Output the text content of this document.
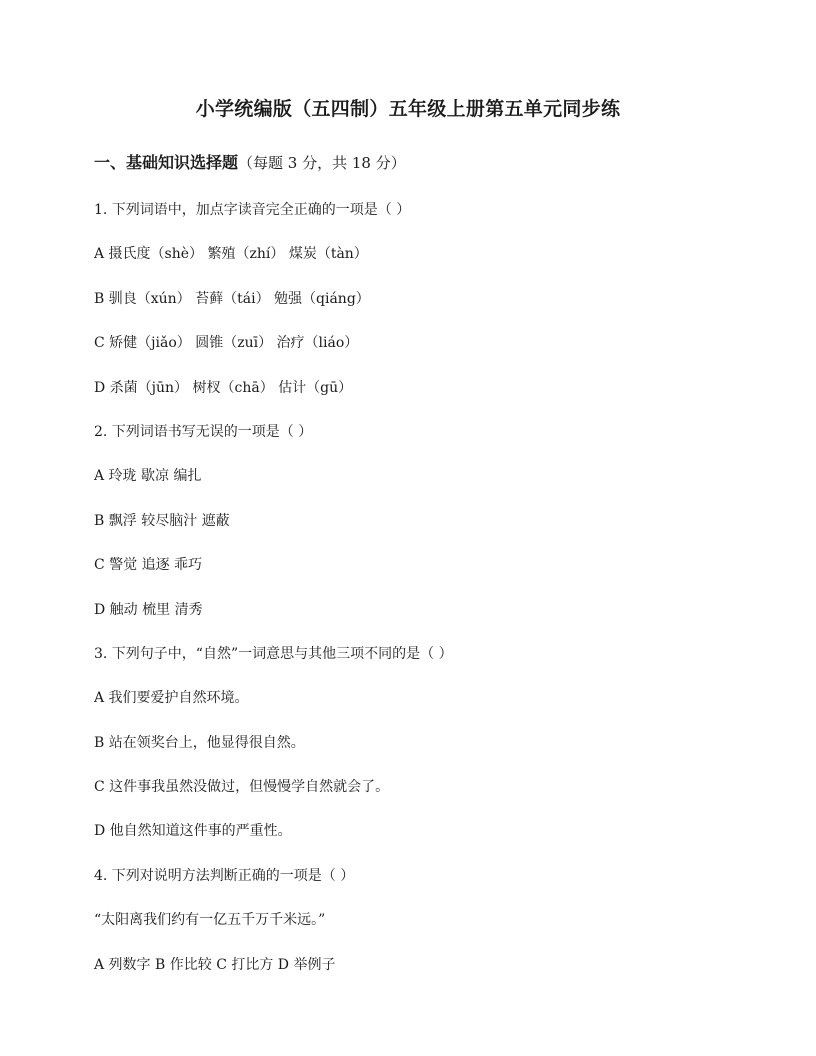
小学统编版（五四制）五年级上册第五单元同步练
一、基础知识选择题（每题 3 分，共 18 分）
1. 下列词语中，加点字读音完全正确的一项是（ ）
A 摄氏度（shè） 繁殖（zhí） 煤炭（tàn）
B 驯良（xún） 苔藓（tái） 勉强（qiáng）
C 矫健（jiǎo） 圆锥（zuī） 治疗（liáo）
D 杀菌（jūn） 树杈（chā） 估计（gū）
2. 下列词语书写无误的一项是（ ）
A 玲珑 歇凉 编扎
B 飘浮 较尽脑汁 遮蔽
C 警觉 追逐 乖巧
D 触动 梳里 清秀
3. 下列句子中，“自然”一词意思与其他三项不同的是（ ）
A 我们要爱护自然环境。
B 站在领奖台上，他显得很自然。
C 这件事我虽然没做过，但慢慢学自然就会了。
D 他自然知道这件事的严重性。
4. 下列对说明方法判断正确的一项是（ ）
“太阳离我们约有一亿五千万千米远。”
A 列数字 B 作比较 C 打比方 D 举例子
